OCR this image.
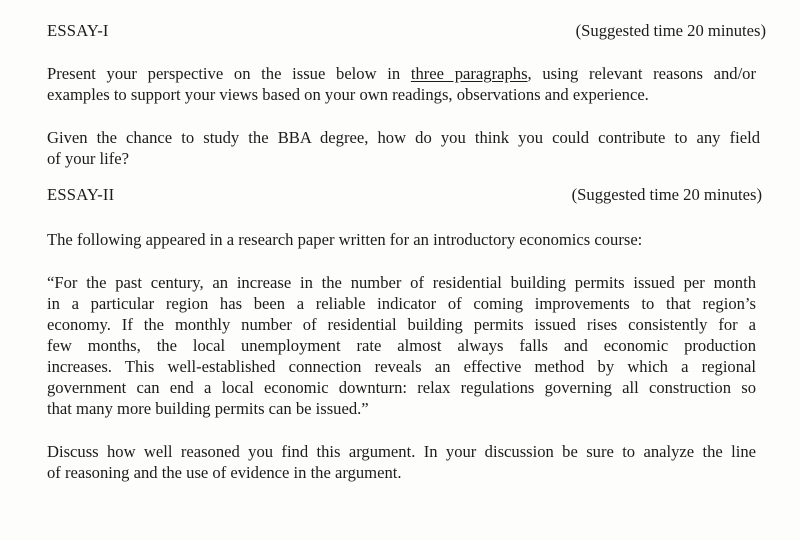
ESSAY-I	(Suggested time 20 minutes)
Present your perspective on the issue below in three paragraphs, using relevant reasons and/or
examples to support your views based on your own readings, observations and experience.
Given the chance to study the BBA degree, how do you think you could contribute to any field
of your life?
ESSAY-II	(Suggested time 20 minutes)
The following appeared in a research paper written for an introductory economics course:
“For the past century, an increase in the number of residential building permits issued per month
in a particular region has been a reliable indicator of coming improvements to that region’s
economy. If the monthly number of residential building permits issued rises consistently for a
few months, the local unemployment rate almost always falls and economic production
increases. This well-established connection reveals an effective method by which a regional
government can end a local economic downturn: relax regulations governing all construction so
that many more building permits can be issued.”
Discuss how well reasoned you find this argument. In your discussion be sure to analyze the line
of reasoning and the use of evidence in the argument.
